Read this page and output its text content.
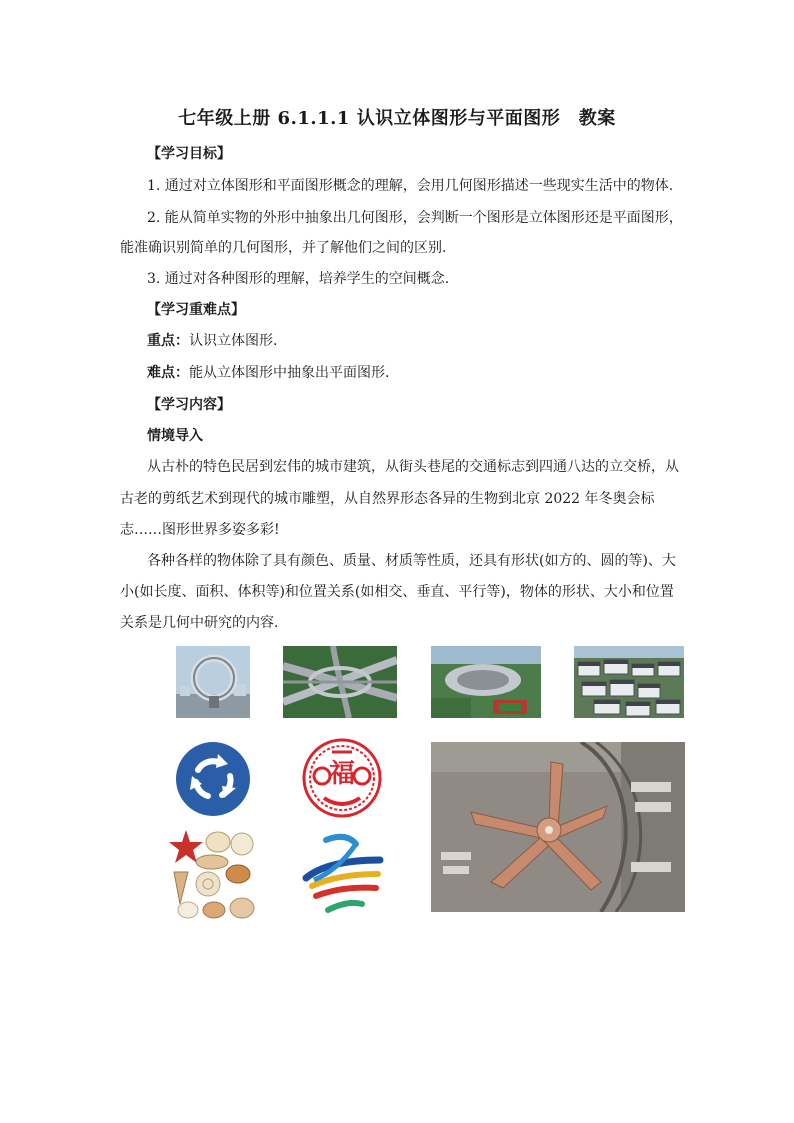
七年级上册 6.1.1.1 认识立体图形与平面图形　教案
【学习目标】
1. 通过对立体图形和平面图形概念的理解，会用几何图形描述一些现实生活中的物体.
2. 能从简单实物的外形中抽象出几何图形，会判断一个图形是立体图形还是平面图形，
能准确识别简单的几何图形，并了解他们之间的区别.
3. 通过对各种图形的理解，培养学生的空间概念.
【学习重难点】
重点：认识立体图形.
难点：能从立体图形中抽象出平面图形.
【学习内容】
情境导入
从古朴的特色民居到宏伟的城市建筑，从街头巷尾的交通标志到四通八达的立交桥，从
古老的剪纸艺术到现代的城市雕塑，从自然界形态各异的生物到北京 2022 年冬奥会标
志……图形世界多姿多彩!
各种各样的物体除了具有颜色、质量、材质等性质，还具有形状(如方的、圆的等)、大
小(如长度、面积、体积等)和位置关系(如相交、垂直、平行等)，物体的形状、大小和位置
关系是几何中研究的内容.
福
